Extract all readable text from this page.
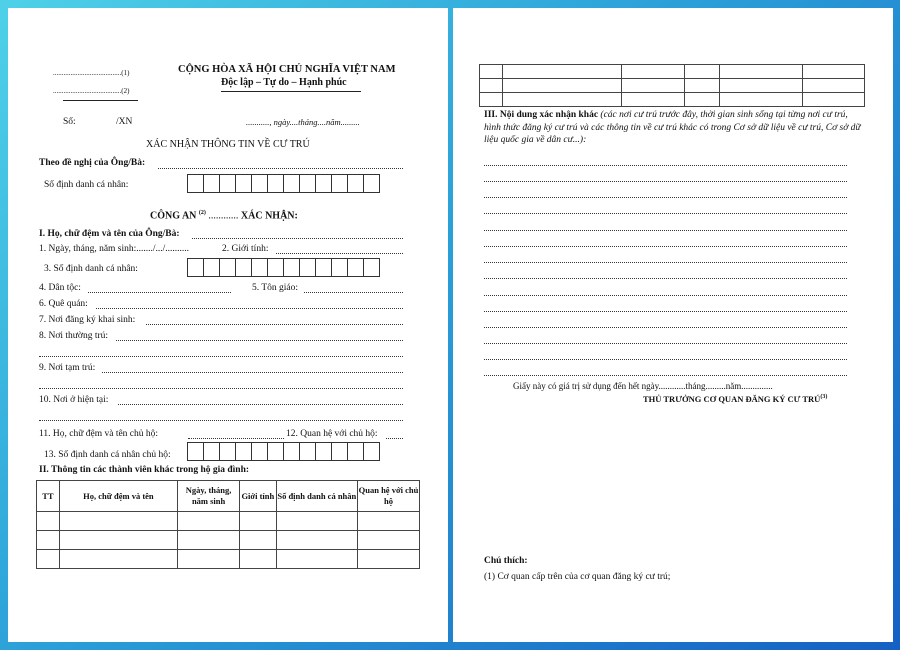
.......................................(1)
.......................................(2)
Số:	/XN
CỘNG HÒA XÃ HỘI CHỦ NGHĨA VIỆT NAM
Độc lập – Tự do – Hạnh phúc
..........., ngày....tháng....năm.........
XÁC NHẬN THÔNG TIN VỀ CƯ TRÚ
Theo đề nghị của Ông/Bà:
Số định danh cá nhân:
CÔNG AN $^{(2)}$ ............ XÁC NHẬN:
I. Họ, chữ đệm và tên của Ông/Bà:
1. Ngày, tháng, năm sinh:......./.../..........	2. Giới tính:
3. Số định danh cá nhân:
4. Dân tộc:	5. Tôn giáo:
6. Quê quán:
7. Nơi đăng ký khai sinh:
8. Nơi thường trú:
9. Nơi tạm trú:
10. Nơi ở hiện tại:
11. Họ, chữ đệm và tên chủ hộ:	12. Quan hệ với chủ hộ:
13. Số định danh cá nhân chủ hộ:
II. Thông tin các thành viên khác trong hộ gia đình:
TT	Họ, chữ đệm và tên	Ngày, tháng, năm sinh	Giới tính	Số định danh cá nhân	Quan hệ với chủ hộ

III. Nội dung xác nhận khác (các nơi cư trú trước đây, thời gian sinh sống tại từng nơi cư trú, hình thức đăng ký cư trú và các thông tin về cư trú khác có trong Cơ sở dữ liệu về cư trú, Cơ sở dữ liệu quốc gia về dân cư...):
Giấy này có giá trị sử dụng đến hết ngày............tháng.........năm..............
THỦ TRƯỞNG CƠ QUAN ĐĂNG KÝ CƯ TRÚ$^{(3)}$
Chú thích:
(1) Cơ quan cấp trên của cơ quan đăng ký cư trú;
